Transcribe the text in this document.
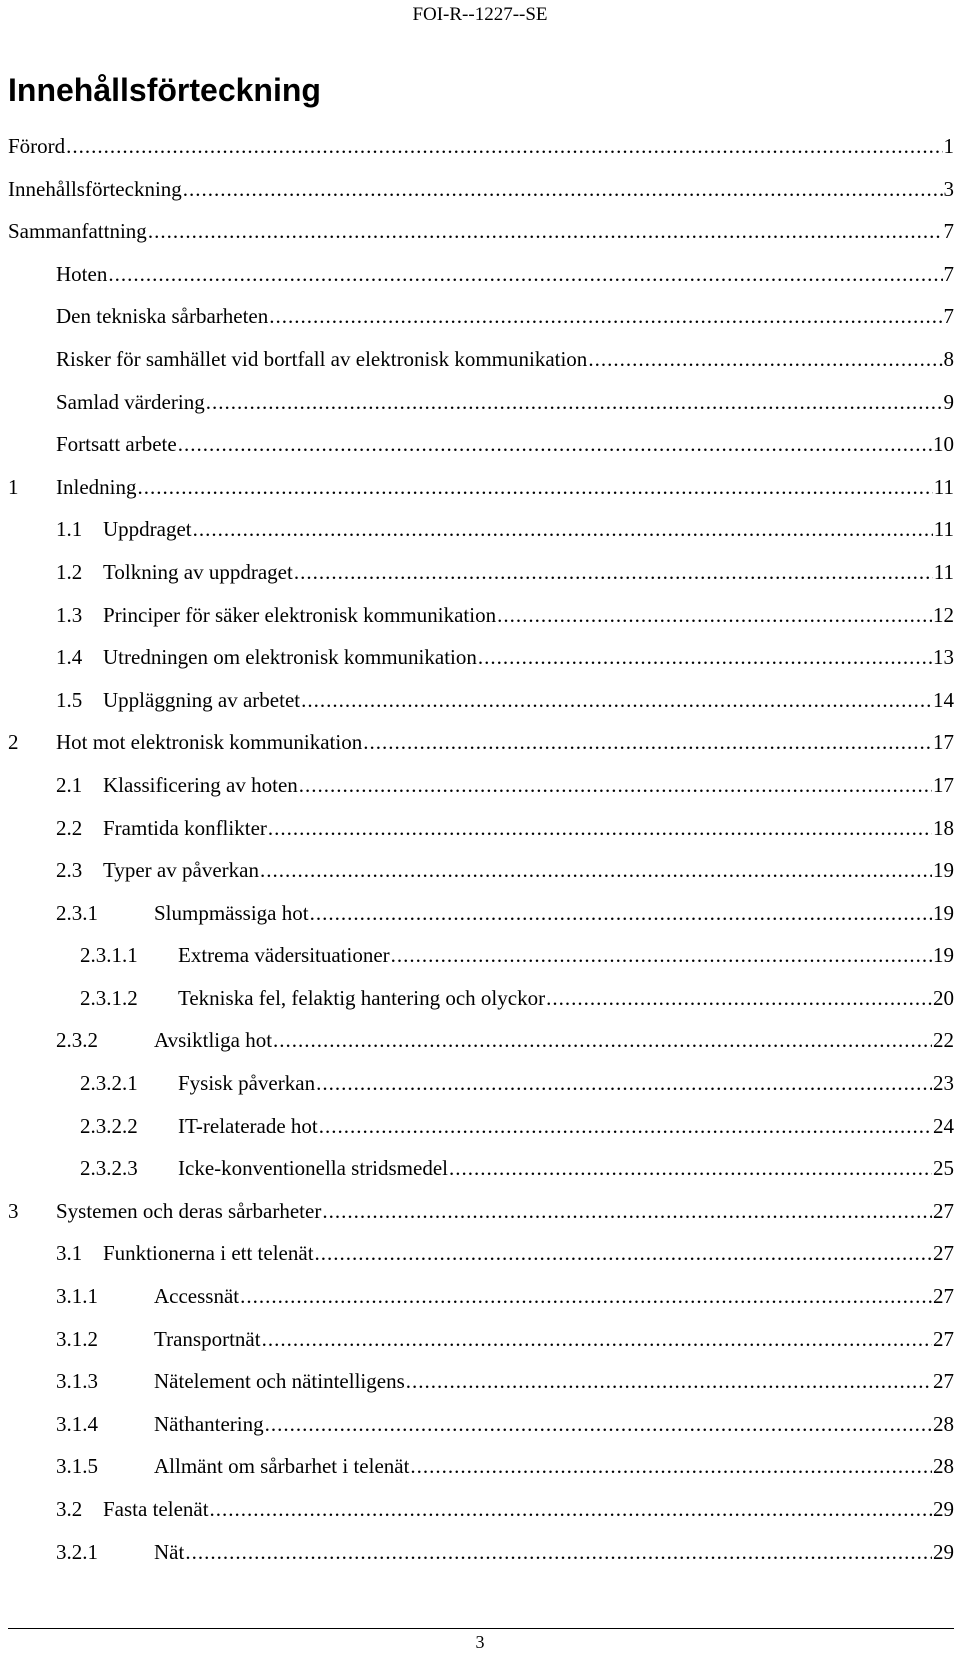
FOI-R--1227--SE
Innehållsförteckning
Förord .....	1
Innehållsförteckning .....	3
Sammanfattning .....	7
Hoten .....	7
Den tekniska sårbarheten .....	7
Risker för samhället vid bortfall av elektronisk kommunikation .....	8
Samlad värdering .....	9
Fortsatt arbete .....	10
1	Inledning .....	11
1.1 Uppdraget .....	11
1.2 Tolkning av uppdraget .....	11
1.3 Principer för säker elektronisk kommunikation .....	12
1.4 Utredningen om elektronisk kommunikation .....	13
1.5 Uppläggning av arbetet .....	14
2	Hot mot elektronisk kommunikation .....	17
2.1 Klassificering av hoten .....	17
2.2 Framtida konflikter .....	18
2.3 Typer av påverkan .....	19
2.3.1	Slumpmässiga hot .....	19
2.3.1.1	Extrema vädersituationer .....	19
2.3.1.2	Tekniska fel, felaktig hantering och olyckor .....	20
2.3.2	Avsiktliga hot .....	22
2.3.2.1	Fysisk påverkan .....	23
2.3.2.2	IT-relaterade hot .....	24
2.3.2.3	Icke-konventionella stridsmedel .....	25
3	Systemen och deras sårbarheter .....	27
3.1 Funktionerna i ett telenät .....	27
3.1.1	Accessnät .....	27
3.1.2	Transportnät .....	27
3.1.3	Nätelement och nätintelligens .....	27
3.1.4	Näthantering .....	28
3.1.5	Allmänt om sårbarhet i telenät .....	28
3.2 Fasta telenät .....	29
3.2.1	Nät .....	29
3
